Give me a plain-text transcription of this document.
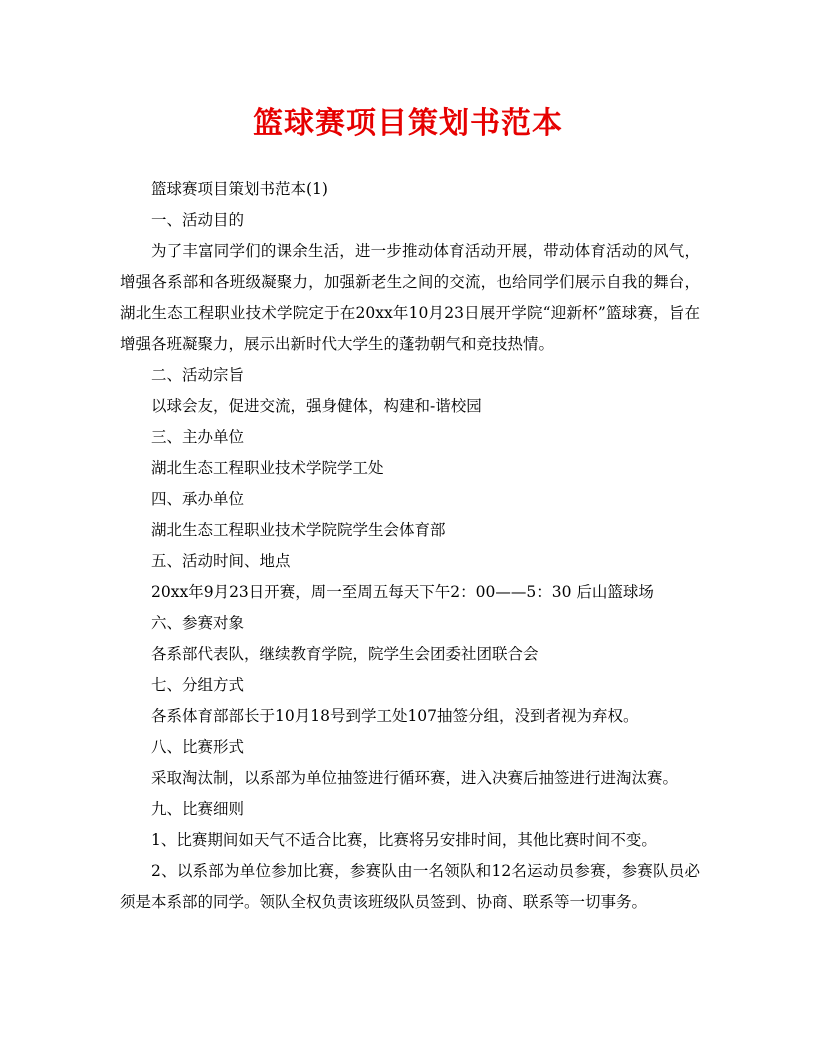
篮球赛项目策划书范本

篮球赛项目策划书范本(1)

一、活动目的

为了丰富同学们的课余生活，进一步推动体育活动开展，带动体育活动的风气，增强各系部和各班级凝聚力，加强新老生之间的交流，也给同学们展示自我的舞台，湖北生态工程职业技术学院定于在20xx年10月23日展开学院“迎新杯”篮球赛，旨在增强各班凝聚力，展示出新时代大学生的蓬勃朝气和竞技热情。

二、活动宗旨

以球会友，促进交流，强身健体，构建和-谐校园

三、主办单位

湖北生态工程职业技术学院学工处

四、承办单位

湖北生态工程职业技术学院院学生会体育部

五、活动时间、地点

20xx年9月23日开赛，周一至周五每天下午2：00——5：30 后山篮球场

六、参赛对象

各系部代表队，继续教育学院，院学生会团委社团联合会

七、分组方式

各系体育部部长于10月18号到学工处107抽签分组，没到者视为弃权。

八、比赛形式

采取淘汰制，以系部为单位抽签进行循环赛，进入决赛后抽签进行进淘汰赛。

九、比赛细则

1、比赛期间如天气不适合比赛，比赛将另安排时间，其他比赛时间不变。

2、以系部为单位参加比赛，参赛队由一名领队和12名运动员参赛，参赛队员必须是本系部的同学。领队全权负责该班级队员签到、协商、联系等一切事务。
